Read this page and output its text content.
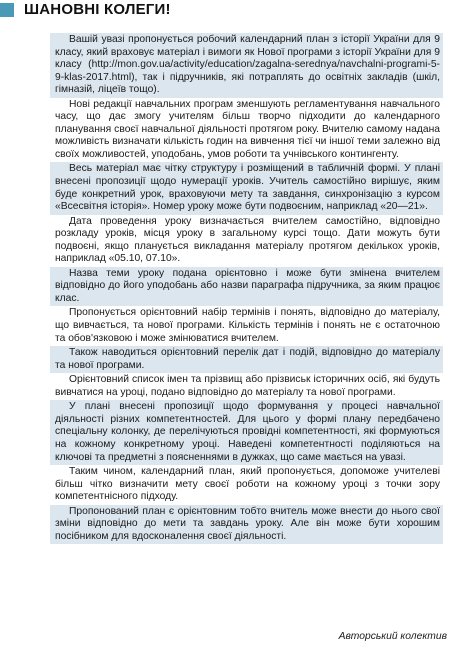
ШАНОВНІ КОЛЕГИ!

Вашій увазі пропонується робочий календарний план з історії України для 9 класу, який враховує матеріал і вимоги як Нової програми з історії України для 9 класу (http://mon.gov.ua/activity/education/zagalna-serednya/navchalni-programi-5-9-klas-2017.html), так і підручників, які потраплять до освітніх закладів (шкіл, гімназій, ліцеїв тощо).

Нові редакції навчальних програм зменшують регламентування навчального часу, що дає змогу учителям більш творчо підходити до календарного планування своєї навчальної діяльності протягом року. Вчителю самому надана можливість визначати кількість годин на вивчення тієї чи іншої теми залежно від своїх можливостей, уподобань, умов роботи та учнівського контингенту.

Весь матеріал має чітку структуру і розміщений в табличній формі. У плані внесені пропозиції щодо нумерації уроків. Учитель самостійно вирішує, яким буде конкретний урок, враховуючи мету та завдання, синхронізацію з курсом «Всесвітня історія». Номер уроку може бути подвоєним, наприклад «20—21».

Дата проведення уроку визначається вчителем самостійно, відповідно розкладу уроків, місця уроку в загальному курсі тощо. Дати можуть бути подвоєні, якщо планується викладання матеріалу протягом декількох уроків, наприклад «05.10, 07.10».

Назва теми уроку подана орієнтовно і може бути змінена вчителем відповідно до його уподобань або назви параграфа підручника, за яким працює клас.

Пропонується орієнтовний набір термінів і понять, відповідно до матеріалу, що вивчається, та нової програми. Кількість термінів і понять не є остаточною та обов'язковою і може змінюватися вчителем.

Також наводиться орієнтовний перелік дат і подій, відповідно до матеріалу та нової програми.

Орієнтовний список імен та прізвищ або прізвиськ історичних осіб, які будуть вивчатися на уроці, подано відповідно до матеріалу та нової програми.

У плані внесені пропозиції щодо формування у процесі навчальної діяльності різних компетентностей. Для цього у формі плану передбачено спеціальну колонку, де перелічуються провідні компетентності, які формуються на кожному конкретному уроці. Наведені компетентності поділяються на ключові та предметні з поясненнями в дужках, що саме мається на увазі.

Таким чином, календарний план, який пропонується, допоможе учителеві більш чітко визначити мету своєї роботи на кожному уроці з точки зору компетентнісного підходу.

Пропонований план є орієнтовним тобто вчитель може внести до нього свої зміни відповідно до мети та завдань уроку. Але він може бути хорошим посібником для вдосконалення своєї діяльності.

Авторський колектив
